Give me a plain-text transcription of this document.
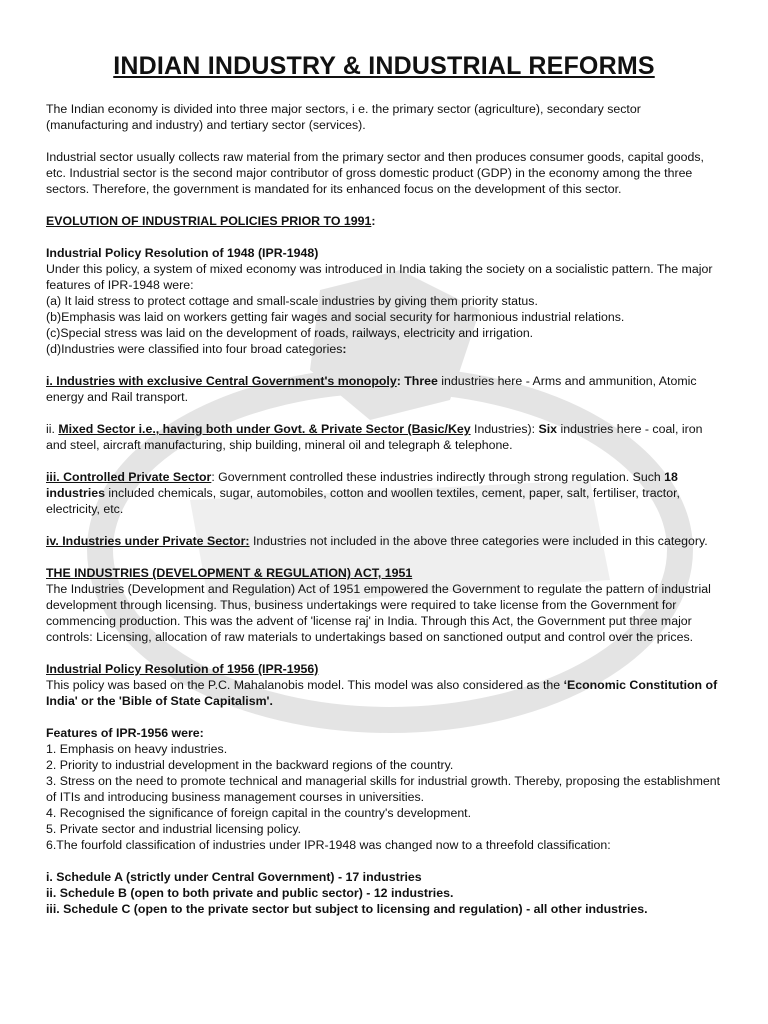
INDIAN INDUSTRY & INDUSTRIAL REFORMS

The Indian economy is divided into three major sectors, i e. the primary sector (agriculture), secondary sector (manufacturing and industry) and tertiary sector (services).

Industrial sector usually collects raw material from the primary sector and then produces consumer goods, capital goods, etc. Industrial sector is the second major contributor of gross domestic product (GDP) in the economy among the three sectors. Therefore, the government is mandated for its enhanced focus on the development of this sector.

EVOLUTION OF INDUSTRIAL POLICIES PRIOR TO 1991:

Industrial Policy Resolution of 1948 (IPR-1948)

Under this policy, a system of mixed economy was introduced in India taking the society on a socialistic pattern. The major features of IPR-1948 were:

(a) It laid stress to protect cottage and small-scale industries by giving them priority status.

(b)Emphasis was laid on workers getting fair wages and social security for harmonious industrial relations.

(c)Special stress was laid on the development of roads, railways, electricity and irrigation.

(d)Industries were classified into four broad categories:

i. Industries with exclusive Central Government's monopoly: Three industries here - Arms and ammunition, Atomic energy and Rail transport.

ii. Mixed Sector i.e., having both under Govt. & Private Sector (Basic/Key Industries): Six industries here - coal, iron and steel, aircraft manufacturing, ship building, mineral oil and telegraph & telephone.

iii. Controlled Private Sector: Government controlled these industries indirectly through strong regulation. Such 18 industries included chemicals, sugar, automobiles, cotton and woollen textiles, cement, paper, salt, fertiliser, tractor, electricity, etc.

iv. Industries under Private Sector: Industries not included in the above three categories were included in this category.

THE INDUSTRIES (DEVELOPMENT & REGULATION) ACT, 1951

The Industries (Development and Regulation) Act of 1951 empowered the Government to regulate the pattern of industrial development through licensing. Thus, business undertakings were required to take license from the Government for commencing production. This was the advent of 'license raj' in India. Through this Act, the Government put three major controls: Licensing, allocation of raw materials to undertakings based on sanctioned output and control over the prices.

Industrial Policy Resolution of 1956 (IPR-1956)

This policy was based on the P.C. Mahalanobis model. This model was also considered as the ‘Economic Constitution of India' or the 'Bible of State Capitalism'.

Features of IPR-1956 were:

1. Emphasis on heavy industries.

2. Priority to industrial development in the backward regions of the country.

3. Stress on the need to promote technical and managerial skills for industrial growth. Thereby, proposing the establishment of ITIs and introducing business management courses in universities.

4. Recognised the significance of foreign capital in the country's development.

5. Private sector and industrial licensing policy.

6.The fourfold classification of industries under IPR-1948 was changed now to a threefold classification:

i. Schedule A (strictly under Central Government) - 17 industries

ii. Schedule B (open to both private and public sector) - 12 industries.

iii. Schedule C (open to the private sector but subject to licensing and regulation) - all other industries.
